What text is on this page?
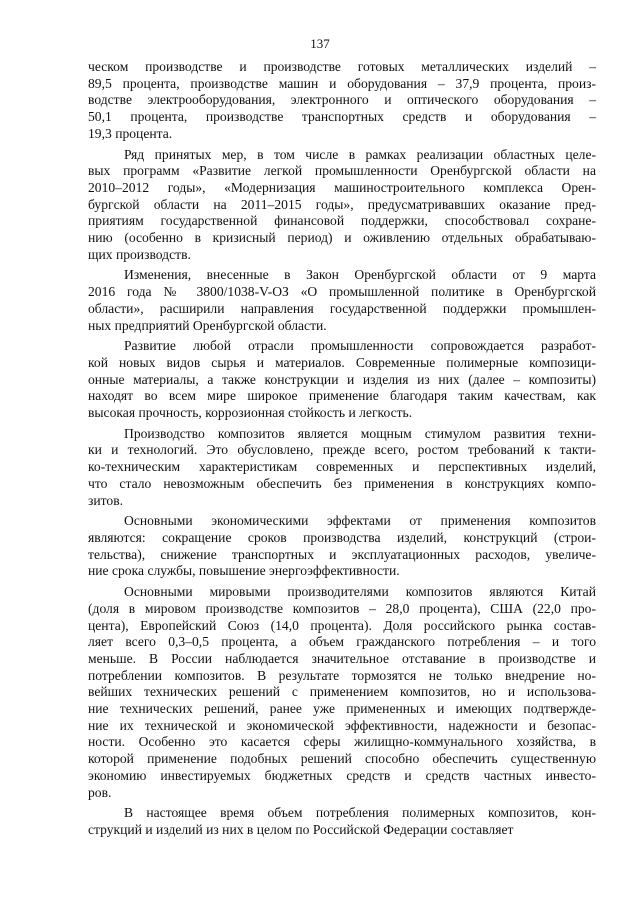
137

ческом производстве и производстве готовых металлических изделий –
89,5 процента, производстве машин и оборудования – 37,9 процента, произ-
водстве электрооборудования, электронного и оптического оборудования –
50,1 процента, производстве транспортных средств и оборудования –
19,3 процента.

Ряд принятых мер, в том числе в рамках реализации областных целе-
вых программ «Развитие легкой промышленности Оренбургской области на
2010–2012 годы», «Модернизация машиностроительного комплекса Орен-
бургской области на 2011–2015 годы», предусматривавших оказание пред-
приятиям государственной финансовой поддержки, способствовал сохране-
нию (особенно в кризисный период) и оживлению отдельных обрабатываю-
щих производств.

Изменения, внесенные в Закон Оренбургской области от 9 марта
2016 года № 3800/1038-V-ОЗ «О промышленной политике в Оренбургской
области», расширили направления государственной поддержки промышлен-
ных предприятий Оренбургской области.

Развитие любой отрасли промышленности сопровождается разработ-
кой новых видов сырья и материалов. Современные полимерные композици-
онные материалы, а также конструкции и изделия из них (далее – композиты)
находят во всем мире широкое применение благодаря таким качествам, как
высокая прочность, коррозионная стойкость и легкость.

Производство композитов является мощным стимулом развития техни-
ки и технологий. Это обусловлено, прежде всего, ростом требований к такти-
ко-техническим характеристикам современных и перспективных изделий,
что стало невозможным обеспечить без применения в конструкциях компо-
зитов.

Основными экономическими эффектами от применения композитов
являются: сокращение сроков производства изделий, конструкций (строи-
тельства), снижение транспортных и эксплуатационных расходов, увеличе-
ние срока службы, повышение энергоэффективности.

Основными мировыми производителями композитов являются Китай
(доля в мировом производстве композитов – 28,0 процента), США (22,0 про-
цента), Европейский Союз (14,0 процента). Доля российского рынка состав-
ляет всего 0,3–0,5 процента, а объем гражданского потребления – и того
меньше. В России наблюдается значительное отставание в производстве и
потреблении композитов. В результате тормозятся не только внедрение но-
вейших технических решений с применением композитов, но и использова-
ние технических решений, ранее уже примененных и имеющих подтвержде-
ние их технической и экономической эффективности, надежности и безопас-
ности. Особенно это касается сферы жилищно-коммунального хозяйства, в
которой применение подобных решений способно обеспечить существенную
экономию инвестируемых бюджетных средств и средств частных инвесто-
ров.

В настоящее время объем потребления полимерных композитов, кон-
струкций и изделий из них в целом по Российской Федерации составляет
